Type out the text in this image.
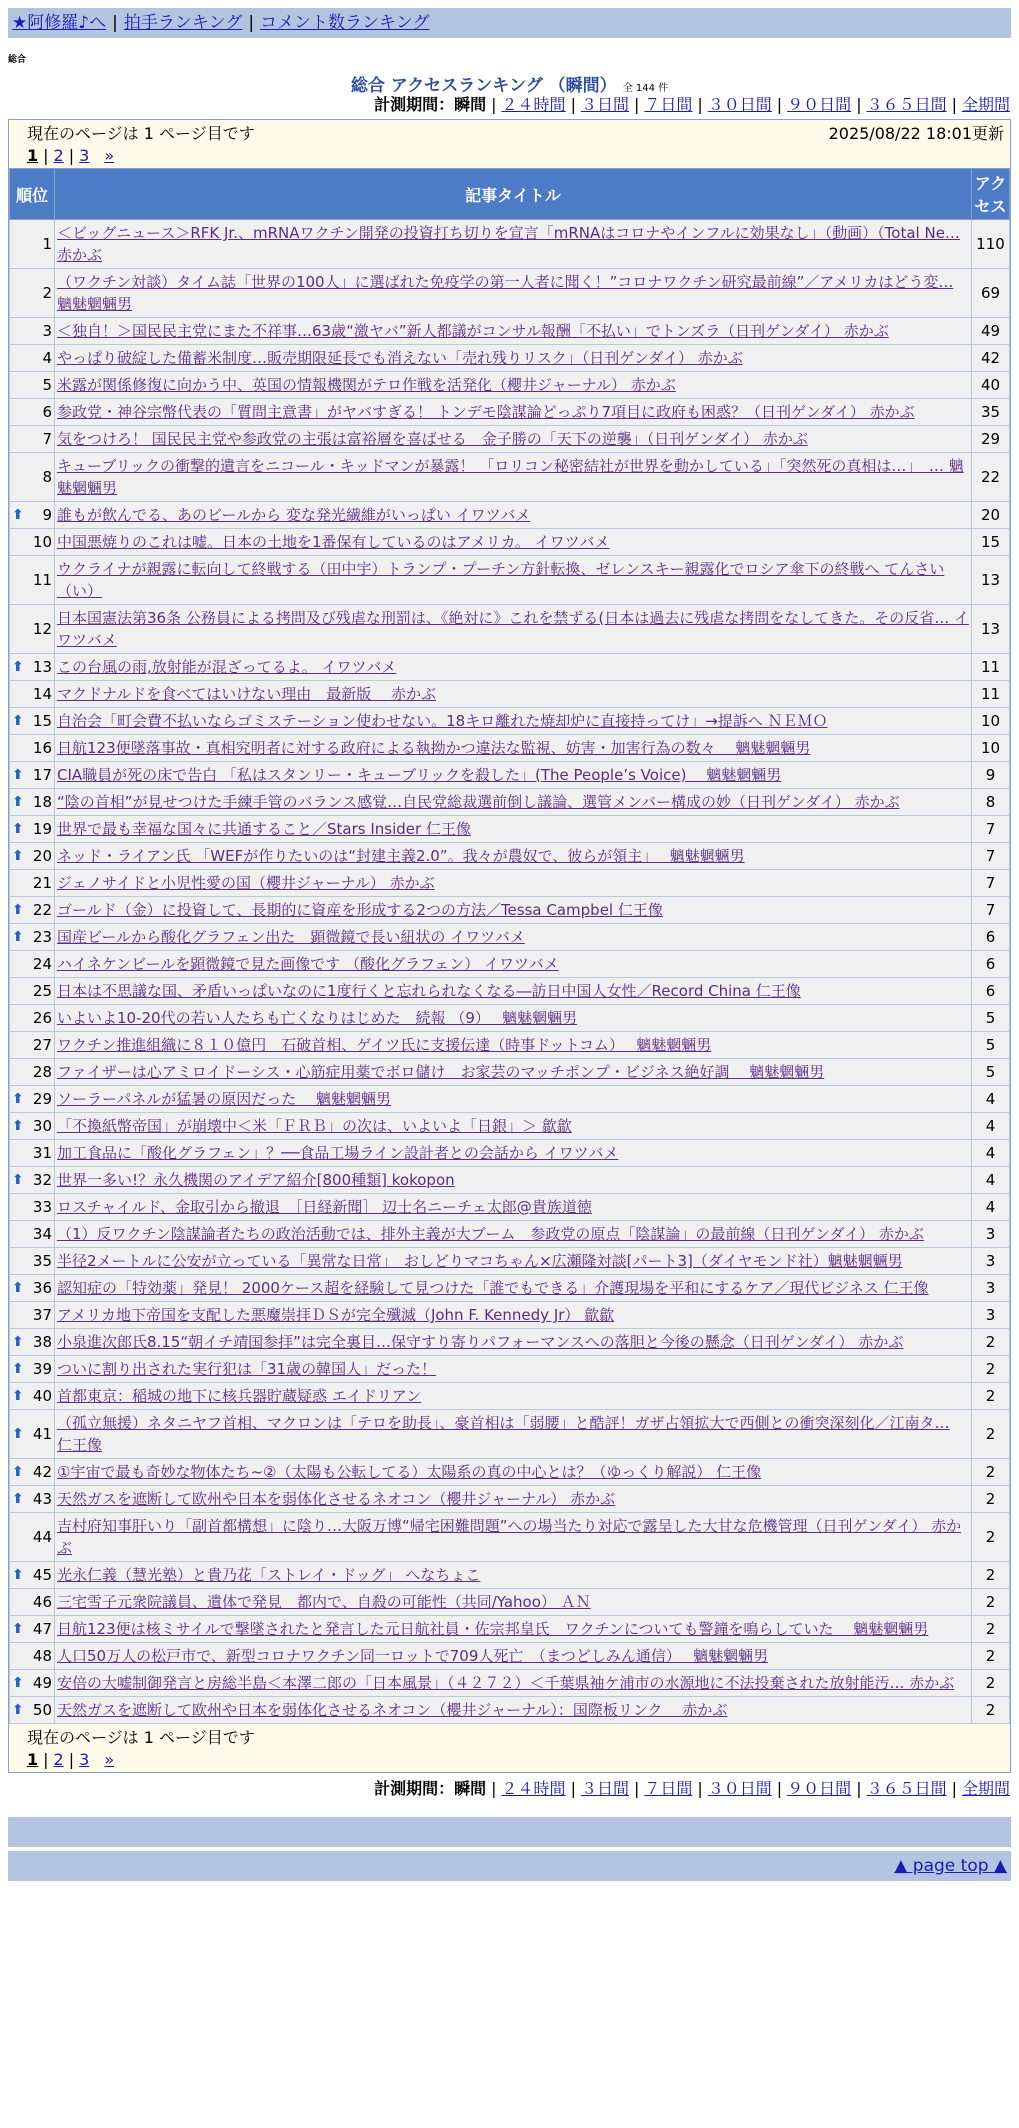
★阿修羅♪へ | 拍手ランキング | コメント数ランキング
総合
総合 アクセスランキング （瞬間） 全 144 件
計測期間：瞬間 | ２４時間 | ３日間 | ７日間 | ３０日間 | ９０日間 | ３６５日間 | 全期間
現在のページは 1 ページ目です	2025/08/22 18:01更新
1 | 2 | 3 »
順位	記事タイトル	アクセス
1	＜ビッグニュース＞RFK Jr.、mRNAワクチン開発の投資打ち切りを宣言「mRNAはコロナやインフルに効果なし」（動画）（Total Ne… 赤かぶ	110
2	（ワクチン対談）タイム誌「世界の100人」に選ばれた免疫学の第一人者に聞く！”コロナワクチン研究最前線”／アメリカはどう変… 魑魅魍魎男	69
3	＜独自！＞国民民主党にまた不祥事…63歳“激ヤバ”新人都議がコンサル報酬「不払い」でトンズラ（日刊ゲンダイ） 赤かぶ	49
4	やっぱり破綻した備蓄米制度…販売期限延長でも消えない「売れ残りリスク」（日刊ゲンダイ） 赤かぶ	42
5	米露が関係修復に向かう中、英国の情報機関がテロ作戦を活発化（櫻井ジャーナル） 赤かぶ	40
6	参政党・神谷宗幣代表の「質問主意書」がヤバすぎる！ トンデモ陰謀論どっぷり7項目に政府も困惑？（日刊ゲンダイ） 赤かぶ	35
7	気をつけろ！ 国民民主党や参政党の主張は富裕層を喜ばせる　金子勝の「天下の逆襲」（日刊ゲンダイ） 赤かぶ	29
8	キューブリックの衝撃的遺言をニコール・キッドマンが暴露！ 「ロリコン秘密結社が世界を動かしている」「突然死の真相は…」　… 魑魅魍魎男	22

⬆ 9	誰もが飲んでる、あのビールから 変な発光繊維がいっぱい イワツバメ	20
10	中国悪焼りのこれは嘘。日本の土地を1番保有しているのはアメリカ。 イワツバメ	15
11	ウクライナが親露に転向して終戦する（田中宇）トランプ・プーチン方針転換、ゼレンスキー親露化でロシア傘下の終戦へ てんさい（い）	13
12	日本国憲法第36条 公務員による拷問及び残虐な刑罰は、《絶対に》これを禁ずる(日本は過去に残虐な拷問をなしてきた。その反省… イワツバメ	13

⬆ 13	この台風の雨,放射能が混ざってるよ。 イワツバメ	11
14	マクドナルドを食べてはいけない理由　最新版　 赤かぶ	11

⬆ 15	自治会「町会費不払いならゴミステーション使わせない。18キロ離れた焼却炉に直接持ってけ」→提訴へ ＮＥＭＯ	10
16	日航123便墜落事故・真相究明者に対する政府による執拗かつ違法な監視、妨害・加害行為の数々　 魑魅魍魎男	10

⬆ 17	CIA職員が死の床で告白 「私はスタンリー・キューブリックを殺した」(The People’s Voice)　 魑魅魍魎男	9

⬆ 18	“陰の首相”が見せつけた手練手管のバランス感覚…自民党総裁選前倒し議論、選管メンバー構成の妙（日刊ゲンダイ） 赤かぶ	8

⬆ 19	世界で最も幸福な国々に共通すること／Stars Insider 仁王像	7

⬆ 20	ネッド・ライアン氏 「WEFが作りたいのは“封建主義2.0”。我々が農奴で、彼らが領主」　 魑魅魍魎男	7
21	ジェノサイドと小児性愛の国（櫻井ジャーナル） 赤かぶ	7

⬆ 22	ゴールド（金）に投資して、長期的に資産を形成する2つの方法／Tessa Campbel 仁王像	7

⬆ 23	国産ビールから酸化グラフェン出た　顕微鏡で長い紐状の イワツバメ	6
24	ハイネケンビールを顕微鏡で見た画像です （酸化グラフェン） イワツバメ	6
25	日本は不思議な国、矛盾いっぱいなのに1度行くと忘れられなくなる―訪日中国人女性／Record China 仁王像	6
26	いよいよ10-20代の若い人たちも亡くなりはじめた　続報 （9）　 魑魅魍魎男	5
27	ワクチン推進組織に８１０億円　石破首相、ゲイツ氏に支援伝達（時事ドットコム）　 魑魅魍魎男	5
28	ファイザーは心アミロイドーシス・心筋症用薬でボロ儲け　お家芸のマッチポンプ・ビジネス絶好調　 魑魅魍魎男	5

⬆ 29	ソーラーパネルが猛暑の原因だった　 魑魅魍魎男	4

⬆ 30	「不換紙幣帝国」が崩壊中＜米「ＦＲＢ」の次は、いよいよ「日銀」＞ 歙歙	4
31	加工食品に「酸化グラフェン」？──食品工場ライン設計者との会話から イワツバメ	4

⬆ 32	世界一多い!？永久機関のアイデア紹介[800種類] kokopon	4
33	ロスチャイルド、金取引から撤退　［日経新聞］ 辺士名ニーチェ太郎@貴族道徳	4
34	（1）反ワクチン陰謀論者たちの政治活動では、排外主義が大ブーム　参政党の原点「陰謀論」の最前線（日刊ゲンダイ） 赤かぶ	3
35	半径2メートルに公安が立っている「異常な日常」　おしどりマコちゃん×広瀬隆対談[パート3]（ダイヤモンド社）魑魅魍魎男	3

⬆ 36	認知症の「特効薬」発見！ 2000ケース超を経験して見つけた「誰でもできる」介護現場を平和にするケア／現代ビジネス 仁王像	3
37	アメリカ地下帝国を支配した悪魔崇拝ＤＳが完全殲滅（John F. Kennedy Jr） 歙歙	3

⬆ 38	小泉進次郎氏8.15“朝イチ靖国参拝”は完全裏目…保守すり寄りパフォーマンスへの落胆と今後の懸念（日刊ゲンダイ） 赤かぶ	2

⬆ 39	ついに割り出された実行犯は「31歳の韓国人」だった！	2

⬆ 40	首都東京：稲城の地下に核兵器貯蔵疑惑 エイドリアン	2

⬆ 41	（孤立無援）ネタニヤフ首相、マクロンは「テロを助長」、豪首相は「弱腰」と酷評！ガザ占領拡大で西側との衝突深刻化／江南タ… 仁王像	2

⬆ 42	①宇宙で最も奇妙な物体たち~②（太陽も公転してる）太陽系の真の中心とは？（ゆっくり解説） 仁王像	2

⬆ 43	天然ガスを遮断して欧州や日本を弱体化させるネオコン（櫻井ジャーナル） 赤かぶ	2
44	吉村府知事肝いり「副首都構想」に陰り…大阪万博“帰宅困難問題”への場当たり対応で露呈した大甘な危機管理（日刊ゲンダイ） 赤かぶ	2

⬆ 45	光永仁義（慧光塾）と貴乃花「ストレイ・ドッグ」 へなちょこ	2
46	三宅雪子元衆院議員、遺体で発見　都内で、自殺の可能性（共同/Yahoo） ＡＮ	2

⬆ 47	日航123便は核ミサイルで撃墜されたと発言した元日航社員・佐宗邦皇氏　ワクチンについても警鐘を鳴らしていた　 魑魅魍魎男	2
48	人口50万人の松戸市で、新型コロナワクチン同一ロットで709人死亡　（まつどしみん通信）　 魑魅魍魎男	2

⬆ 49	安倍の大嘘制御発言と房総半島＜本澤二郎の「日本風景」（４２７２）＜千葉県袖ケ浦市の水源地に不法投棄された放射能汚… 赤かぶ	2

⬆ 50	天然ガスを遮断して欧州や日本を弱体化させるネオコン（櫻井ジャーナル）：国際板リンク　 赤かぶ	2
現在のページは 1 ページ目です
1 | 2 | 3 »
計測期間：瞬間 | ２４時間 | ３日間 | ７日間 | ３０日間 | ９０日間 | ３６５日間 | 全期間
▲ page top ▲
